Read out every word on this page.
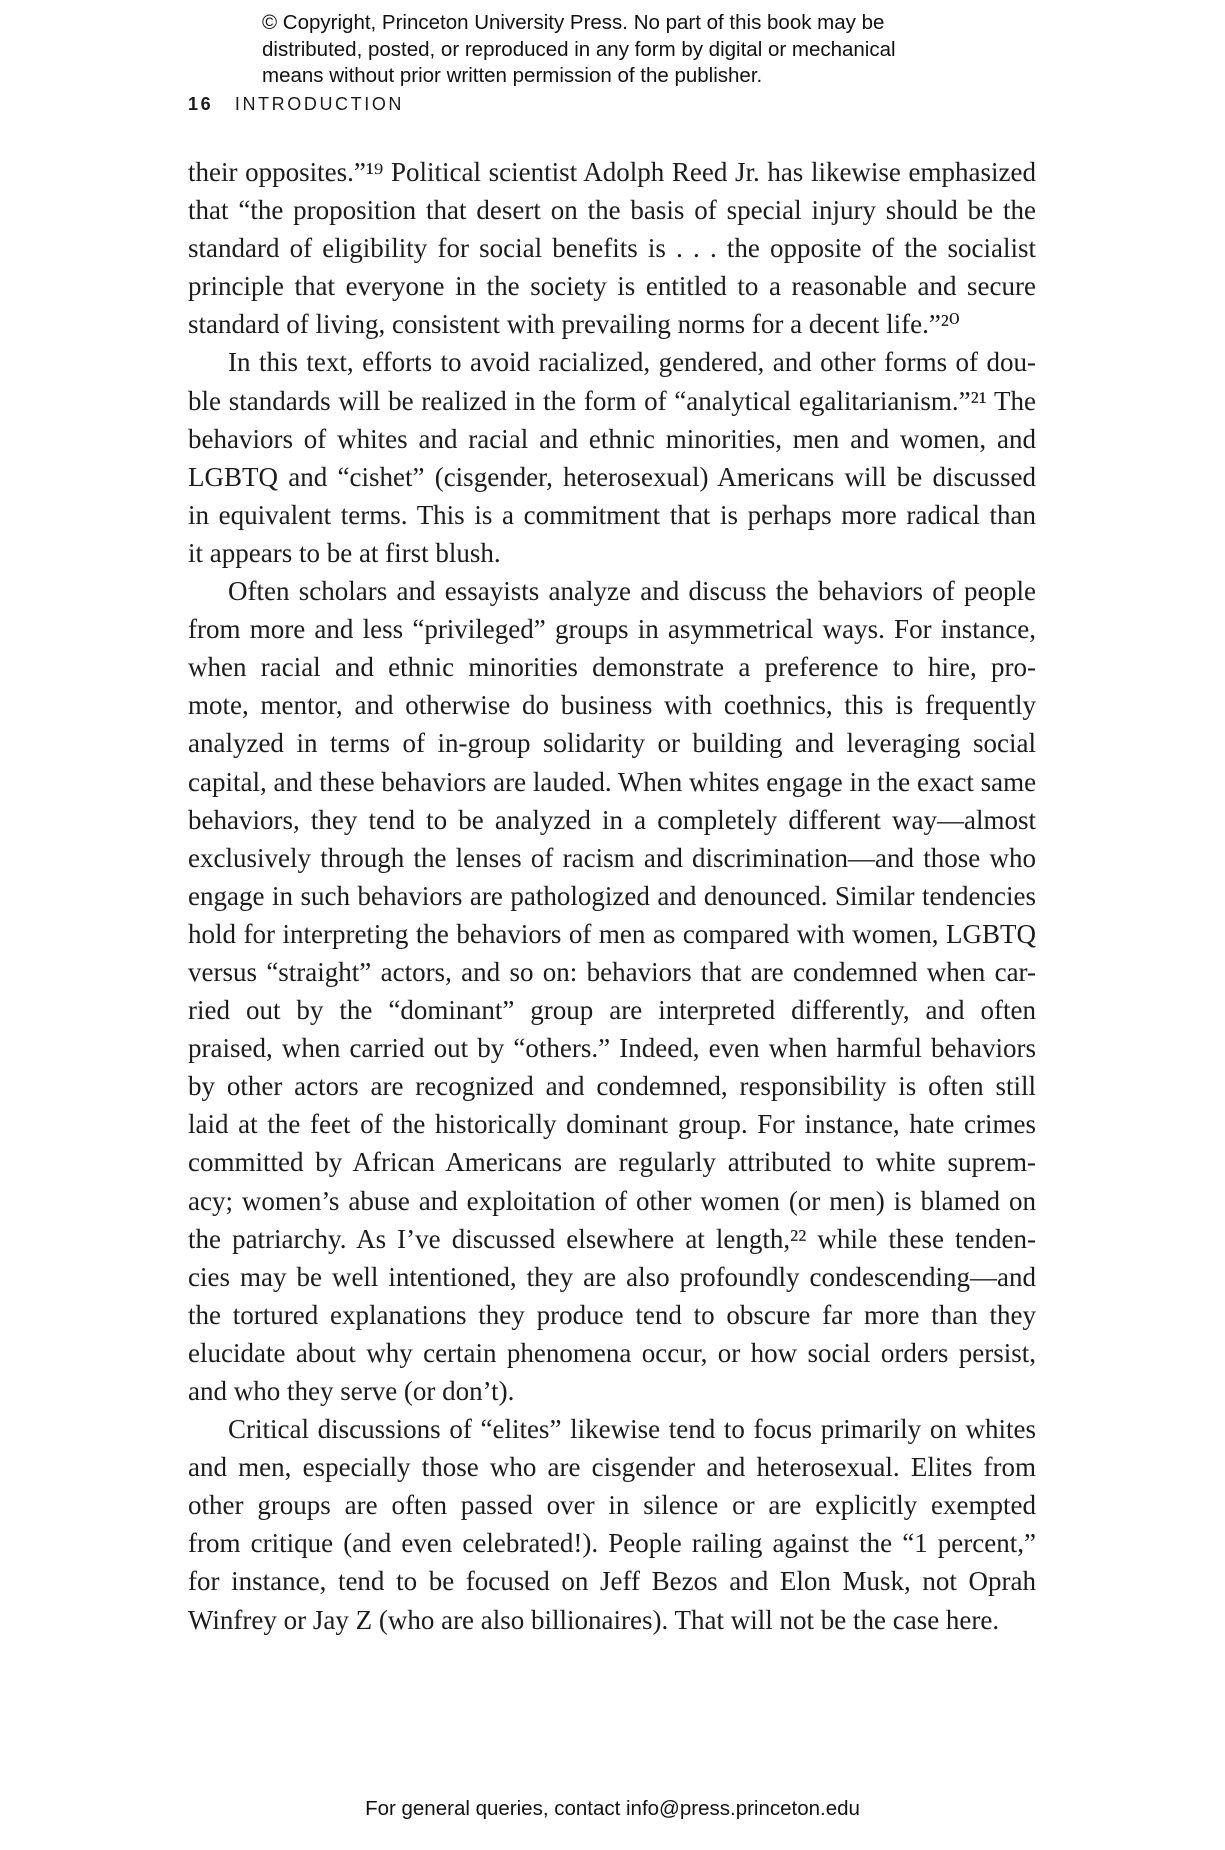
© Copyright, Princeton University Press. No part of this book may be
distributed, posted, or reproduced in any form by digital or mechanical
means without prior written permission of the publisher.
16 INTRODUCTION

their opposites.”¹⁹ Political scientist Adolph Reed Jr. has likewise emphasized
that “the proposition that desert on the basis of special injury should be the
standard of eligibility for social benefits is . . . the opposite of the socialist
principle that everyone in the society is entitled to a reasonable and secure
standard of living, consistent with prevailing norms for a decent life.”²⁰

In this text, efforts to avoid racialized, gendered, and other forms of dou-
ble standards will be realized in the form of “analytical egalitarianism.”²¹ The
behaviors of whites and racial and ethnic minorities, men and women, and
LGBTQ and “cishet” (cisgender, heterosexual) Americans will be discussed
in equivalent terms. This is a commitment that is perhaps more radical than
it appears to be at first blush.

Often scholars and essayists analyze and discuss the behaviors of people
from more and less “privileged” groups in asymmetrical ways. For instance,
when racial and ethnic minorities demonstrate a preference to hire, pro-
mote, mentor, and otherwise do business with coethnics, this is frequently
analyzed in terms of in-group solidarity or building and leveraging social
capital, and these behaviors are lauded. When whites engage in the exact same
behaviors, they tend to be analyzed in a completely different way—almost
exclusively through the lenses of racism and discrimination—and those who
engage in such behaviors are pathologized and denounced. Similar tendencies
hold for interpreting the behaviors of men as compared with women, LGBTQ
versus “straight” actors, and so on: behaviors that are condemned when car-
ried out by the “dominant” group are interpreted differently, and often
praised, when carried out by “others.” Indeed, even when harmful behaviors
by other actors are recognized and condemned, responsibility is often still
laid at the feet of the historically dominant group. For instance, hate crimes
committed by African Americans are regularly attributed to white suprem-
acy; women’s abuse and exploitation of other women (or men) is blamed on
the patriarchy. As I’ve discussed elsewhere at length,²² while these tenden-
cies may be well intentioned, they are also profoundly condescending—and
the tortured explanations they produce tend to obscure far more than they
elucidate about why certain phenomena occur, or how social orders persist,
and who they serve (or don’t).

Critical discussions of “elites” likewise tend to focus primarily on whites
and men, especially those who are cisgender and heterosexual. Elites from
other groups are often passed over in silence or are explicitly exempted
from critique (and even celebrated!). People railing against the “1 percent,”
for instance, tend to be focused on Jeff Bezos and Elon Musk, not Oprah
Winfrey or Jay Z (who are also billionaires). That will not be the case here.

For general queries, contact info@press.princeton.edu
